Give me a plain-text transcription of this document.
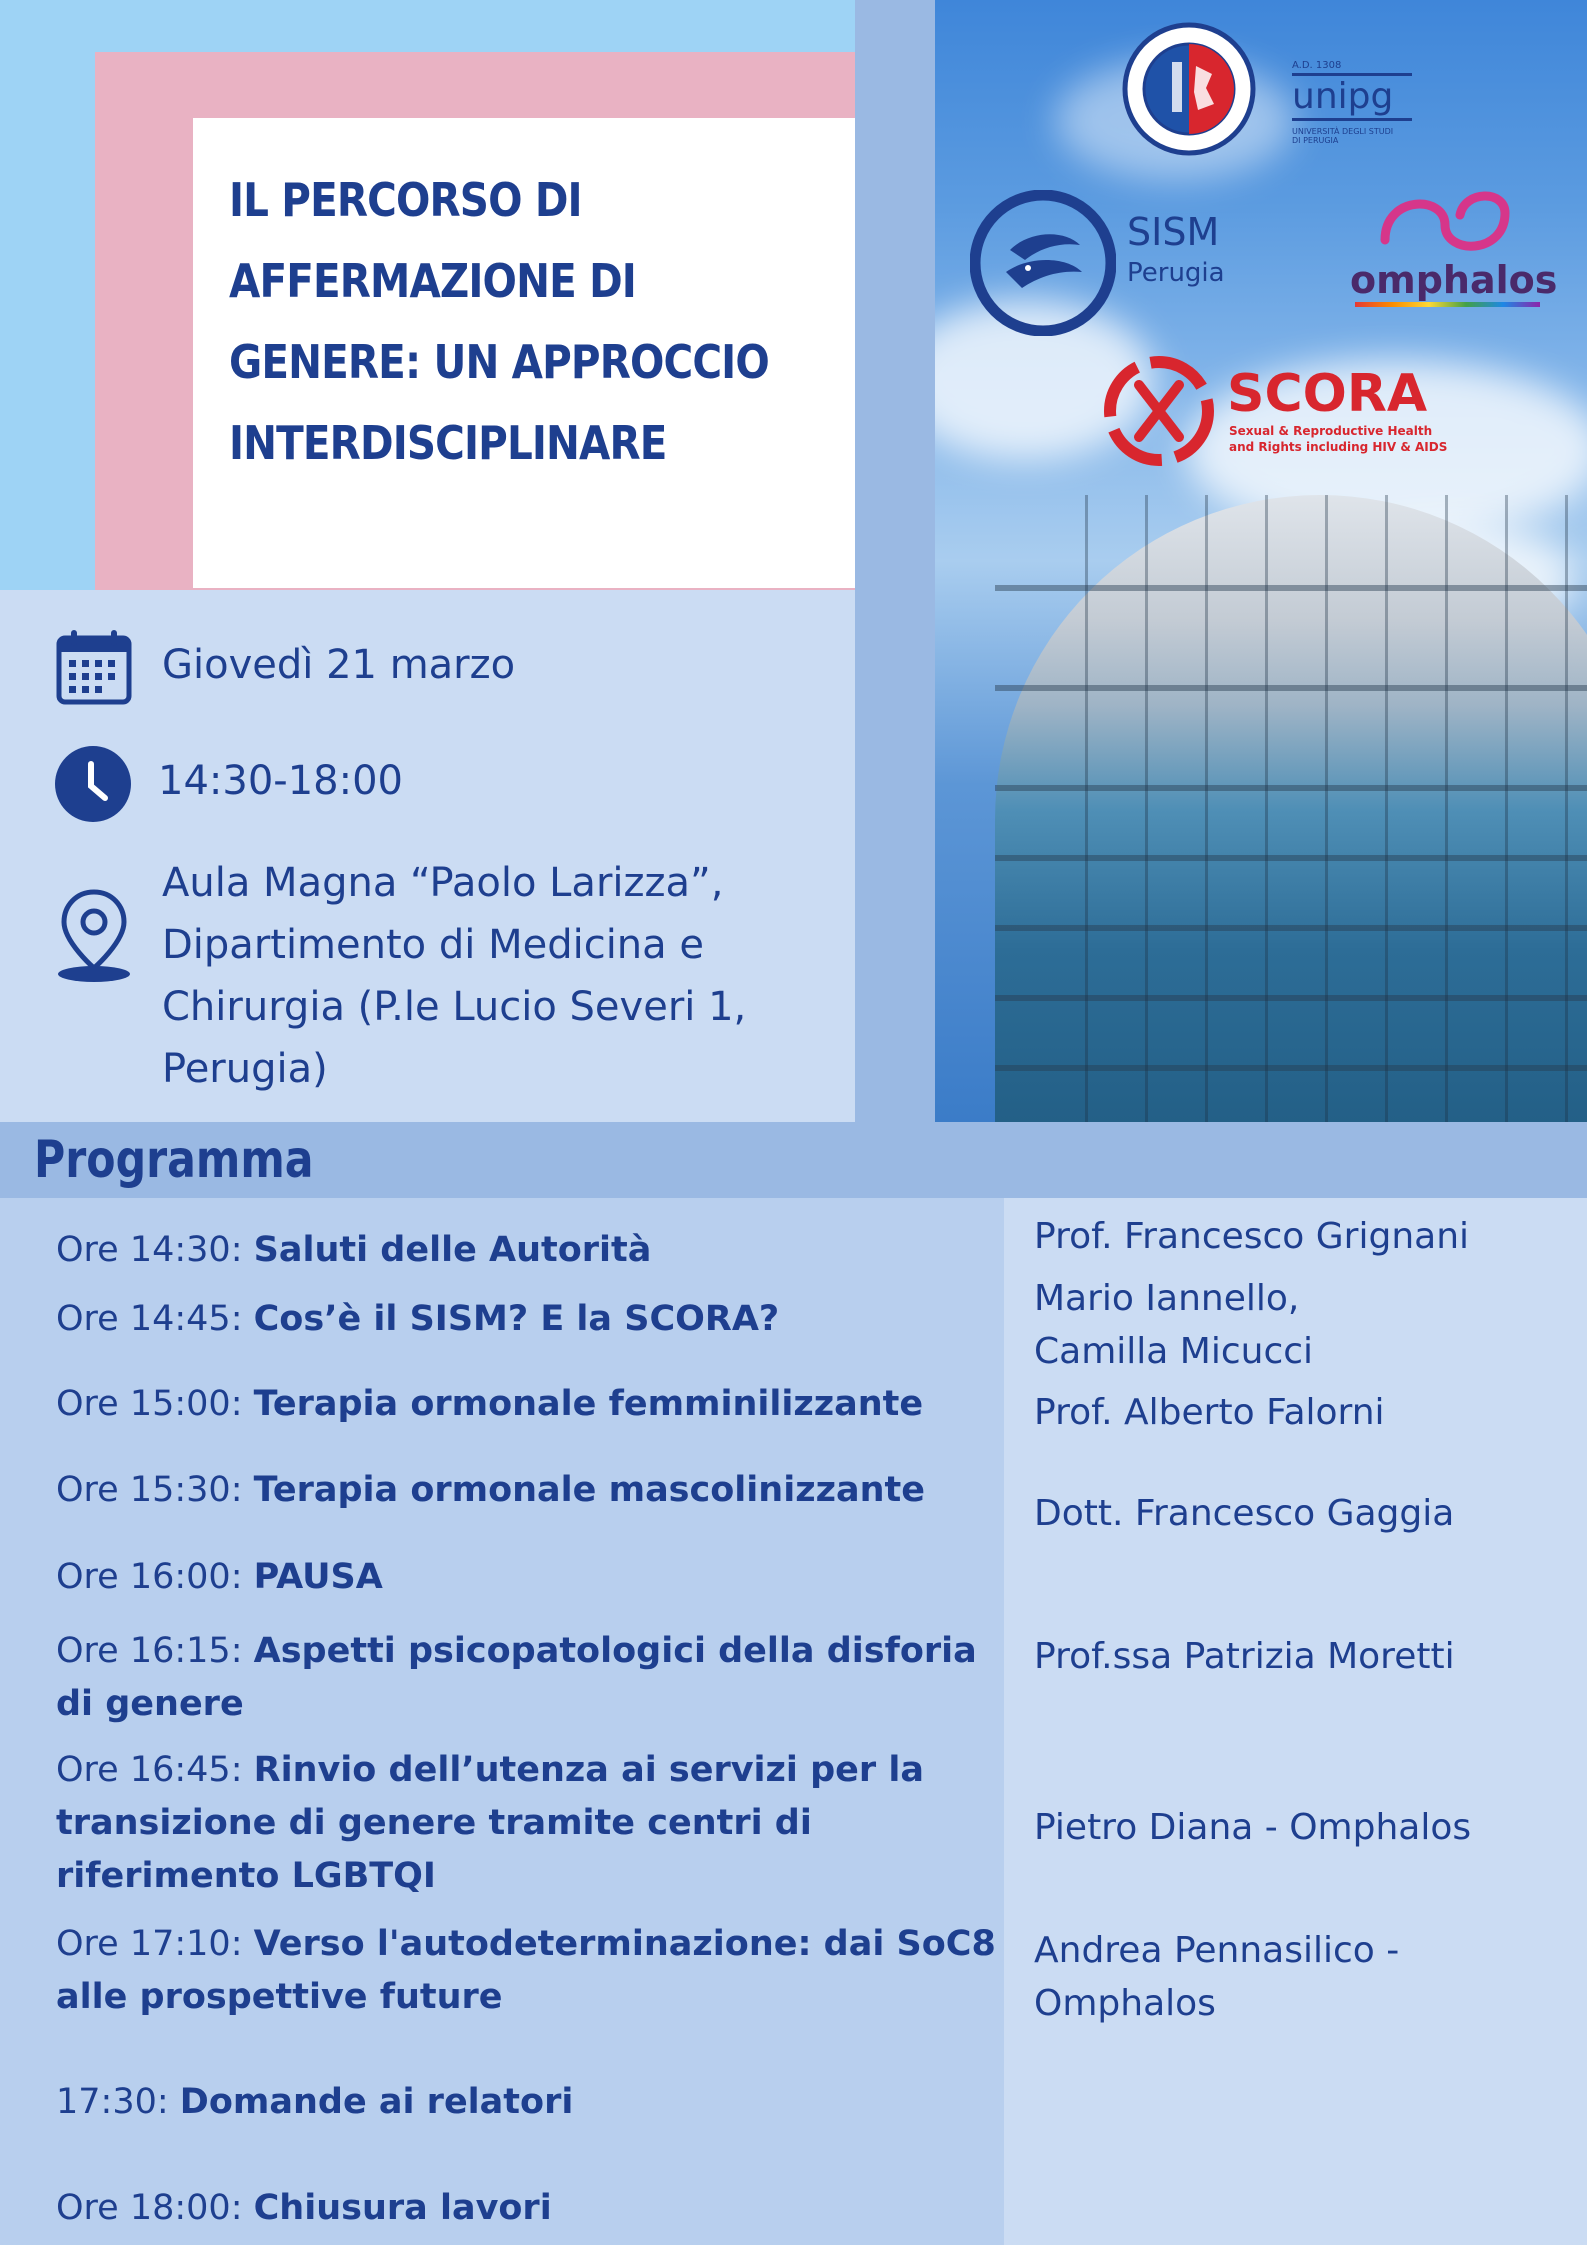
IL PERCORSO DI AFFERMAZIONE DI GENERE: UN APPROCCIO INTERDISCIPLINARE
Giovedì 21 marzo
14:30-18:00
Aula Magna “Paolo Larizza”,
Dipartimento di Medicina e
Chirurgia (P.le Lucio Severi 1,
Perugia)
A.D. 1308
unipg
UNIVERSITÀ DEGLI STUDI
DI PERUGIA
SISM
Perugia	omphalos
SCORA
Sexual & Reproductive Health
and Rights including HIV & AIDS
Programma
Ore 14:30: Saluti delle Autorità
Ore 14:45: Cos’è il SISM? E la SCORA?
Ore 15:00: Terapia ormonale femminilizzante
Ore 15:30: Terapia ormonale mascolinizzante
Ore 16:00: PAUSA
Ore 16:15: Aspetti psicopatologici della disforia di genere
Ore 16:45: Rinvio dell’utenza ai servizi per la transizione di genere tramite centri di riferimento LGBTQI
Ore 17:10: Verso l'autodeterminazione: dai SoC8 alle prospettive future
17:30: Domande ai relatori
Ore 18:00: Chiusura lavori
Prof. Francesco Grignani
Mario Iannello,
Camilla Micucci
Prof. Alberto Falorni
Dott. Francesco Gaggia
Prof.ssa Patrizia Moretti
Pietro Diana - Omphalos
Andrea Pennasilico -
Omphalos
